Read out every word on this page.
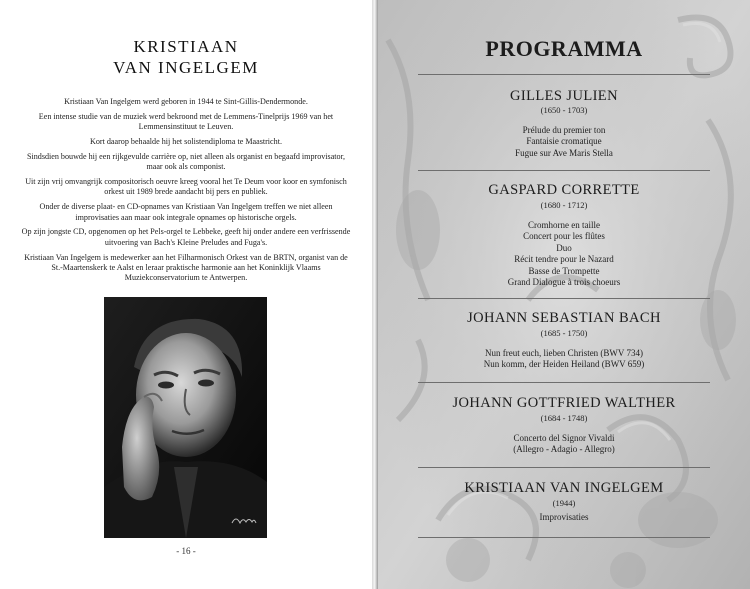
KRISTIAAN
VAN INGELGEM

Kristiaan Van Ingelgem werd geboren in 1944 te Sint-Gillis-Dendermonde.

Een intense studie van de muziek werd bekroond met de Lemmens-Tinelprijs 1969 van het Lemmensinstituut te Leuven.

Kort daarop behaalde hij het solistendiploma te Maastricht.

Sindsdien bouwde hij een rijkgevulde carrière op, niet alleen als organist en begaafd improvisator, maar ook als componist.

Uit zijn vrij omvangrijk compositorisch oeuvre kreeg vooral het Te Deum voor koor en symfonisch orkest uit 1989 brede aandacht bij pers en publiek.

Onder de diverse plaat- en CD-opnames van Kristiaan Van Ingelgem treffen we niet alleen improvisaties aan maar ook integrale opnames op historische orgels.

Op zijn jongste CD, opgenomen op het Pels-orgel te Lebbeke, geeft hij onder andere een verfrissende uitvoering van Bach's Kleine Preludes and Fuga's.

Kristiaan Van Ingelgem is medewerker aan het Filharmonisch Orkest van de BRTN, organist van de St.-Maartenskerk te Aalst en leraar praktische harmonie aan het Koninklijk Vlaams Muziekconservatorium te Antwerpen.

- 16 -
PROGRAMMA
GILLES JULIEN
(1650 - 1703)
Prélude du premier ton
Fantaisie cromatique
Fugue sur Ave Maris Stella
GASPARD CORRETTE
(1680 - 1712)
Cromhorne en taille
Concert pour les flûtes
Duo
Récit tendre pour le Nazard
Basse de Trompette
Grand Dialogue à trois choeurs
JOHANN SEBASTIAN BACH
(1685 - 1750)
Nun freut euch, lieben Christen (BWV 734)
Nun komm, der Heiden Heiland (BWV 659)
JOHANN GOTTFRIED WALTHER
(1684 - 1748)
Concerto del Signor Vivaldi
(Allegro - Adagio - Allegro)
KRISTIAAN VAN INGELGEM
(1944)
Improvisaties
